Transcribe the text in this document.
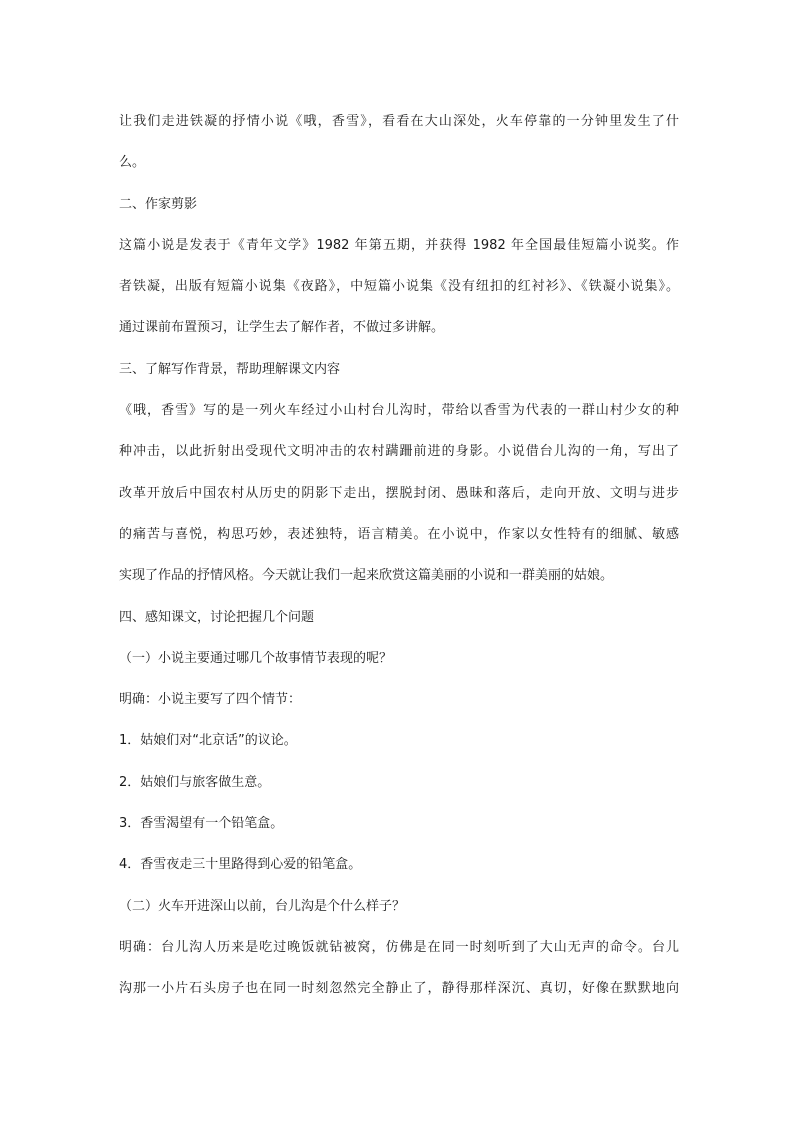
让我们走进铁凝的抒情小说《哦，香雪》，看看在大山深处，火车停靠的一分钟里发生了什
么。
二、作家剪影
这篇小说是发表于《青年文学》1982 年第五期，并获得 1982 年全国最佳短篇小说奖。作
者铁凝，出版有短篇小说集《夜路》，中短篇小说集《没有纽扣的红衬衫》、《铁凝小说集》。
通过课前布置预习，让学生去了解作者，不做过多讲解。
三、了解写作背景，帮助理解课文内容
《哦，香雪》写的是一列火车经过小山村台儿沟时，带给以香雪为代表的一群山村少女的种
种冲击，以此折射出受现代文明冲击的农村蹒跚前进的身影。小说借台儿沟的一角，写出了
改革开放后中国农村从历史的阴影下走出，摆脱封闭、愚昧和落后，走向开放、文明与进步
的痛苦与喜悦，构思巧妙，表述独特，语言精美。在小说中，作家以女性特有的细腻、敏感
实现了作品的抒情风格。今天就让我们一起来欣赏这篇美丽的小说和一群美丽的姑娘。
四、感知课文，讨论把握几个问题
（一）小说主要通过哪几个故事情节表现的呢？
明确：小说主要写了四个情节：
1．姑娘们对“北京话”的议论。
2．姑娘们与旅客做生意。
3．香雪渴望有一个铅笔盒。
4．香雪夜走三十里路得到心爱的铅笔盒。
（二）火车开进深山以前，台儿沟是个什么样子？
明确：台儿沟人历来是吃过晚饭就钻被窝，仿佛是在同一时刻听到了大山无声的命令。台儿
沟那一小片石头房子也在同一时刻忽然完全静止了，静得那样深沉、真切，好像在默默地向
